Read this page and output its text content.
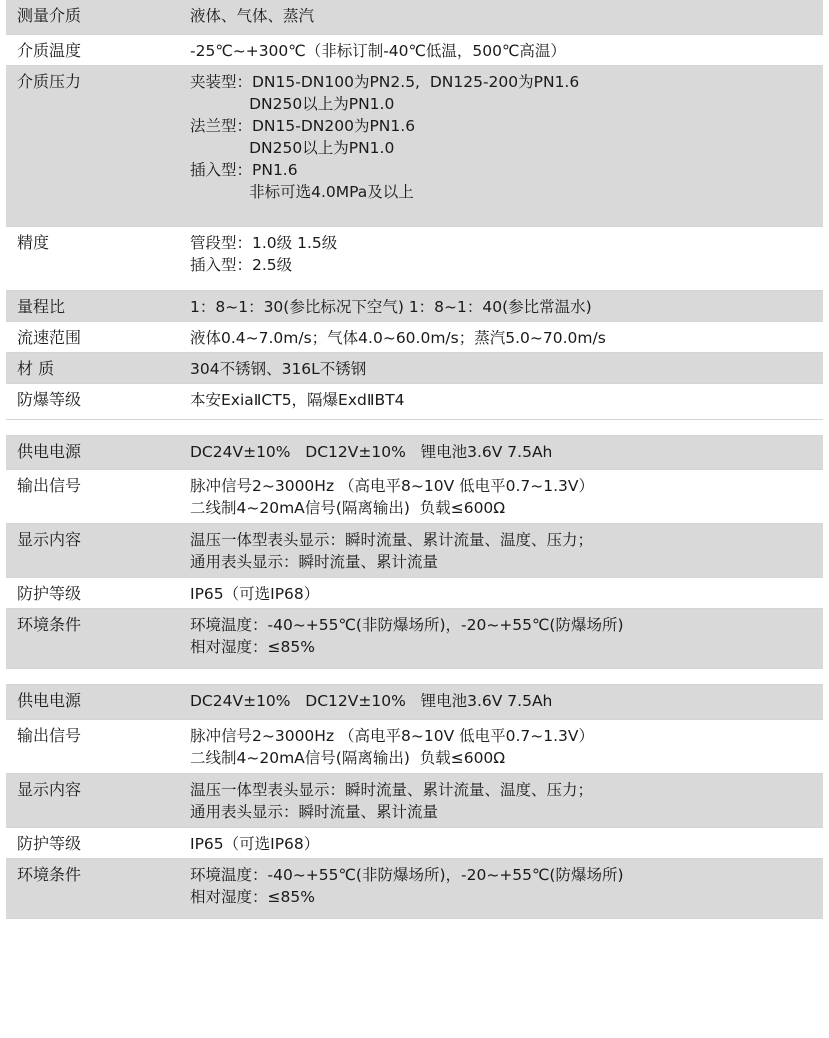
测量介质	液体、气体、蒸汽
介质温度	-25℃~+300℃（非标订制-40℃低温，500℃高温）
介质压力	夹装型：DN15-DN100为PN2.5,  DN125-200为PN1.6
DN250以上为PN1.0
法兰型：DN15-DN200为PN1.6
DN250以上为PN1.0
插入型：PN1.6
非标可选4.0MPa及以上
精度	管段型：1.0级 1.5级
插入型：2.5级
量程比	1：8~1：30(参比标况下空气) 1：8~1：40(参比常温水)
流速范围	液体0.4~7.0m/s；气体4.0~60.0m/s；蒸汽5.0~70.0m/s
材 质	304不锈钢、316L不锈钢
防爆等级	本安ExiaⅡCT5，隔爆ExdⅡBT4
供电电源	DC24V±10%   DC12V±10%   锂电池3.6V 7.5Ah
输出信号	脉冲信号2~3000Hz （高电平8~10V 低电平0.7~1.3V）
二线制4~20mA信号(隔离输出)  负载≤600Ω
显示内容	温压一体型表头显示：瞬时流量、累计流量、温度、压力；
通用表头显示：瞬时流量、累计流量
防护等级	IP65（可选IP68）
环境条件	环境温度：-40~+55℃(非防爆场所)，-20~+55℃(防爆场所)
相对湿度：≤85%
供电电源	DC24V±10%   DC12V±10%   锂电池3.6V 7.5Ah
输出信号	脉冲信号2~3000Hz （高电平8~10V 低电平0.7~1.3V）
二线制4~20mA信号(隔离输出)  负载≤600Ω
显示内容	温压一体型表头显示：瞬时流量、累计流量、温度、压力；
通用表头显示：瞬时流量、累计流量
防护等级	IP65（可选IP68）
环境条件	环境温度：-40~+55℃(非防爆场所)，-20~+55℃(防爆场所)
相对湿度：≤85%
